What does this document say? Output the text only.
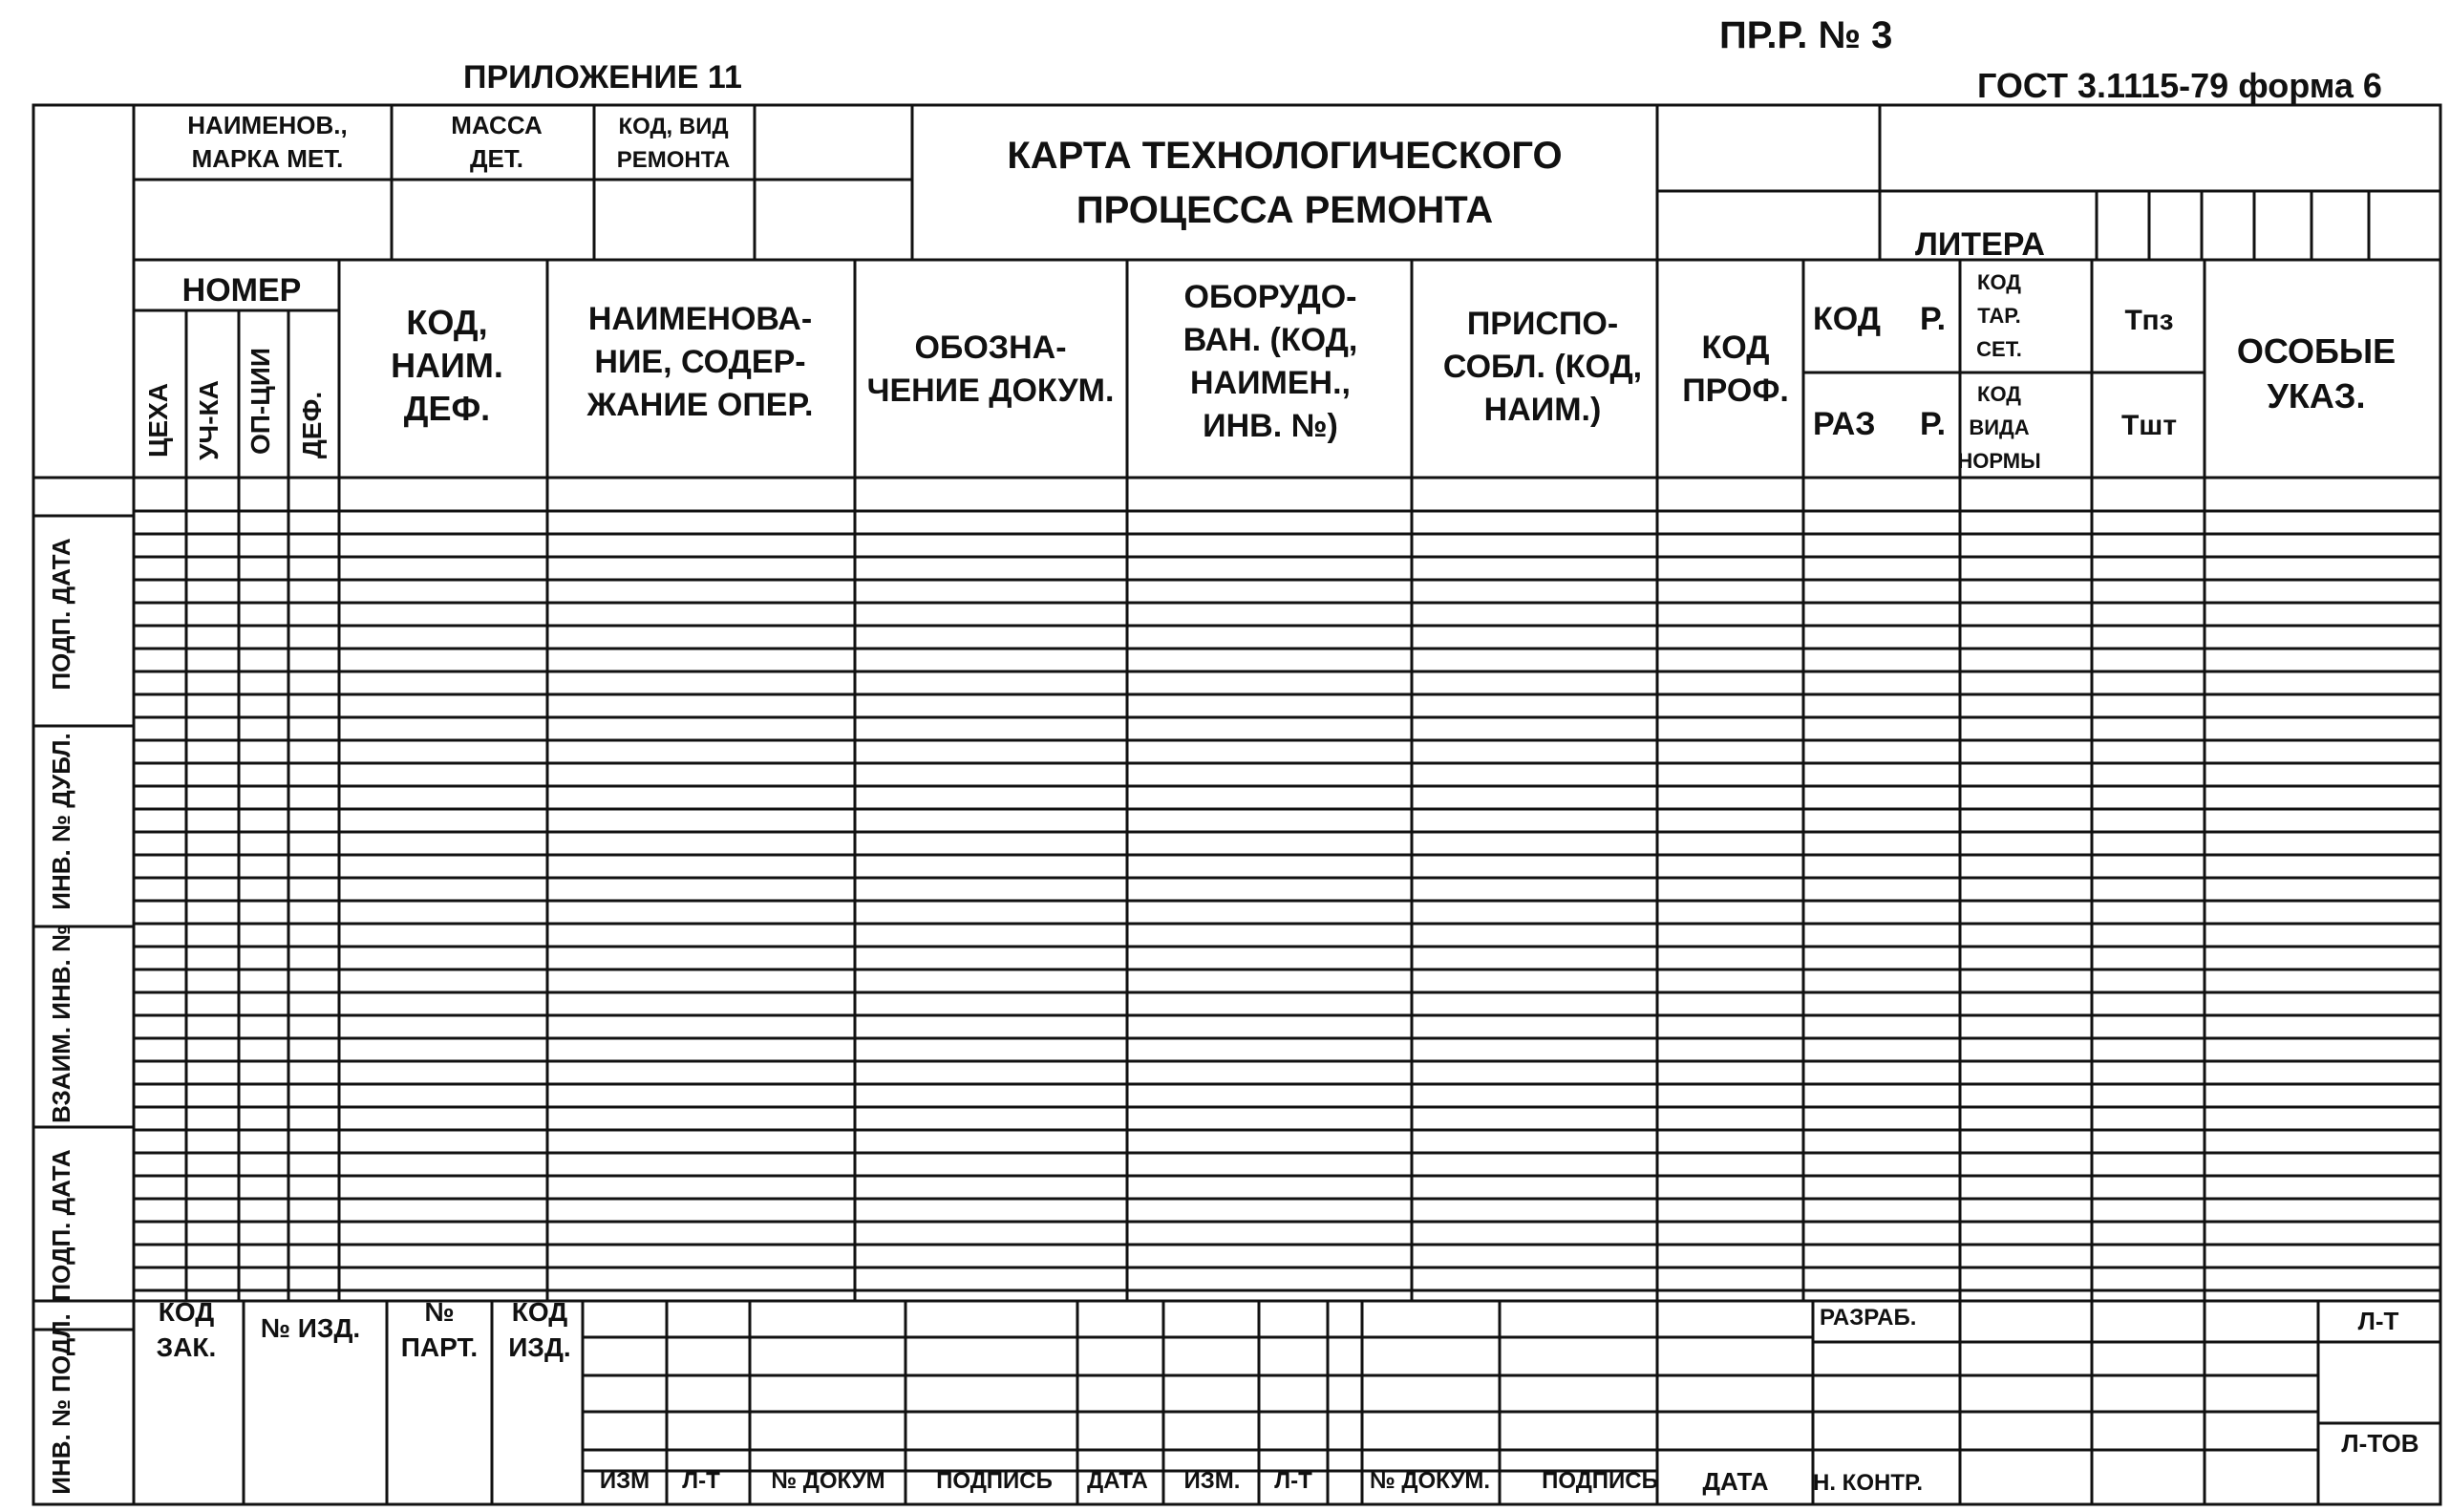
ПР.Р. № 3
ПРИЛОЖЕНИЕ 11	ГОСТ 3.1115-79 форма 6
КАРТА ТЕХНОЛОГИЧЕСКОГО
ПРОЦЕССА РЕМОНТА
НАИМЕНОВ.,
МАРКА МЕТ.
МАССА
ДЕТ.
КОД, ВИД
РЕМОНТА
ЛИТЕРА
НОМЕР
ЦЕХА УЧ-КА ОП-ЦИИ ДЕФ.
КОД,
НАИМ.
ДЕФ.
НАИМЕНОВА-
НИЕ, СОДЕР-
ЖАНИЕ ОПЕР.
ОБОЗНА-
ЧЕНИЕ ДОКУМ.
ОБОРУДО-
ВАН. (КОД,
НАИМЕН.,
ИНВ. №)
ПРИСПО-
СОБЛ. (КОД,
НАИМ.)
КОД
ПРОФ.
КОД Р.
РАЗ Р.
КОД
ТАР.
СЕТ.
КОД
ВИДА
НОРМЫ
Тпз
Тшт
ОСОБЫЕ
УКАЗ.
ПОДП. ДАТА
ИНВ. № ДУБЛ.
ВЗАИМ. ИНВ. №
ПОДП. ДАТА
ИНВ. № ПОДЛ.
КОД
ЗАК.
№ ИЗД.
№
ПАРТ.
КОД
ИЗД.
ИЗМ Л-Т № ДОКУМ ПОДПИСЬ ДАТА ИЗМ. Л-Т	№ ДОКУМ. ПОДПИСЬ ДАТА
РАЗРАБ.
Н. КОНТР.
Л-Т
Л-ТОВ
